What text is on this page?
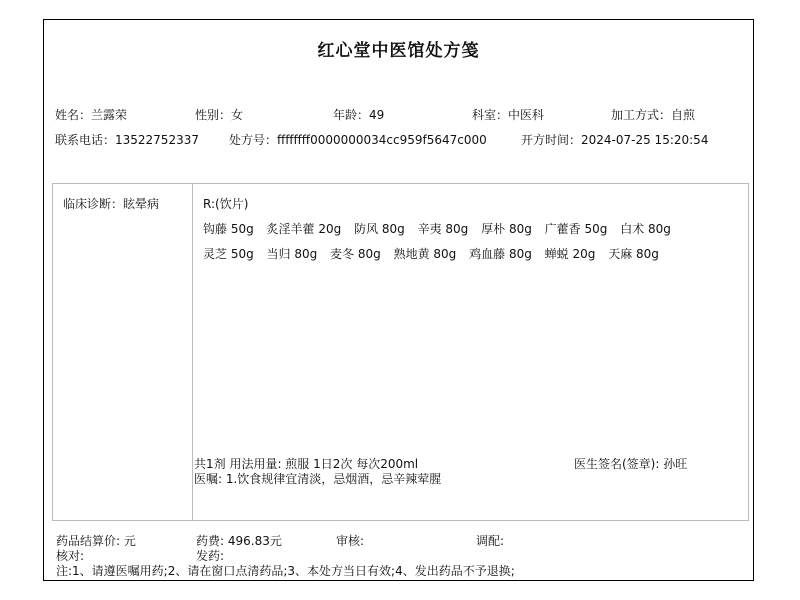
红心堂中医馆处方笺
姓名：兰露荣	性别：女	年龄：49	科室：中医科	加工方式：自煎
联系电话：13522752337	处方号：ffffffff0000000034cc959f5647c000	开方时间：2024-07-25 15:20:54
临床诊断：眩晕病	R:(饮片)
钩藤 50g 炙淫羊藿 20g 防风 80g 辛夷 80g 厚朴 80g 广藿香 50g 白术 80g
灵芝 50g 当归 80g 麦冬 80g 熟地黄 80g 鸡血藤 80g 蝉蜕 20g 天麻 80g
共1剂 用法用量: 煎服 1日2次 每次200ml
医嘱: 1.饮食规律宜清淡，忌烟酒，忌辛辣荤腥
医生签名(签章): 孙旺
药品结算价: 元	药费: 496.83元	审核:	调配:
核对:	发药:
注:1、请遵医嘱用药;2、请在窗口点清药品;3、本处方当日有效;4、发出药品不予退换;
